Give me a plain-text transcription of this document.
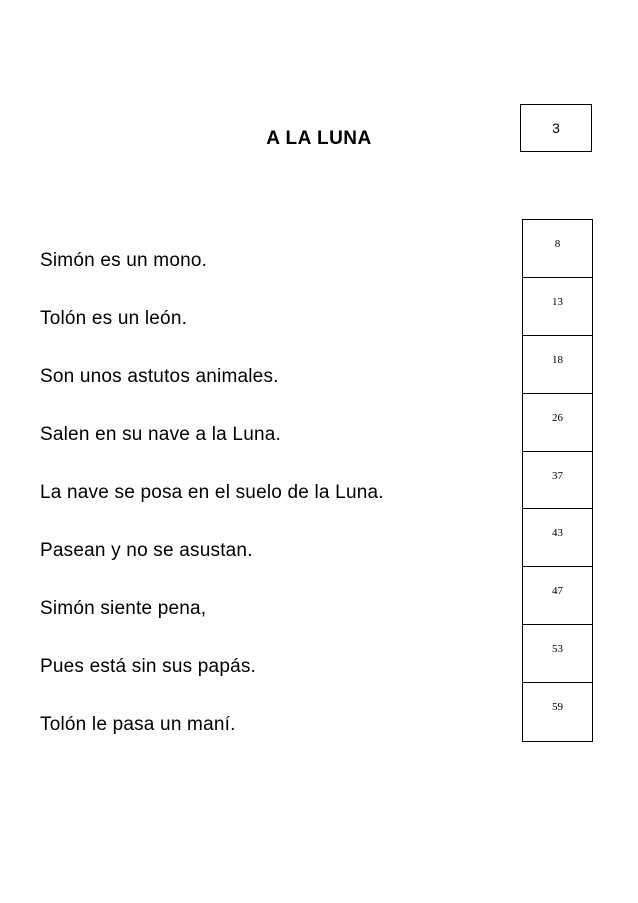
A LA LUNA	3
Simón es un mono.
Tolón es un león.
Son unos astutos animales.
Salen en su nave a la Luna.
La nave se posa en el suelo de la Luna.
Pasean y no se asustan.
Simón siente pena,
Pues está sin sus papás.
Tolón le pasa un maní.
8
13
18
26
37
43
47
53
59
